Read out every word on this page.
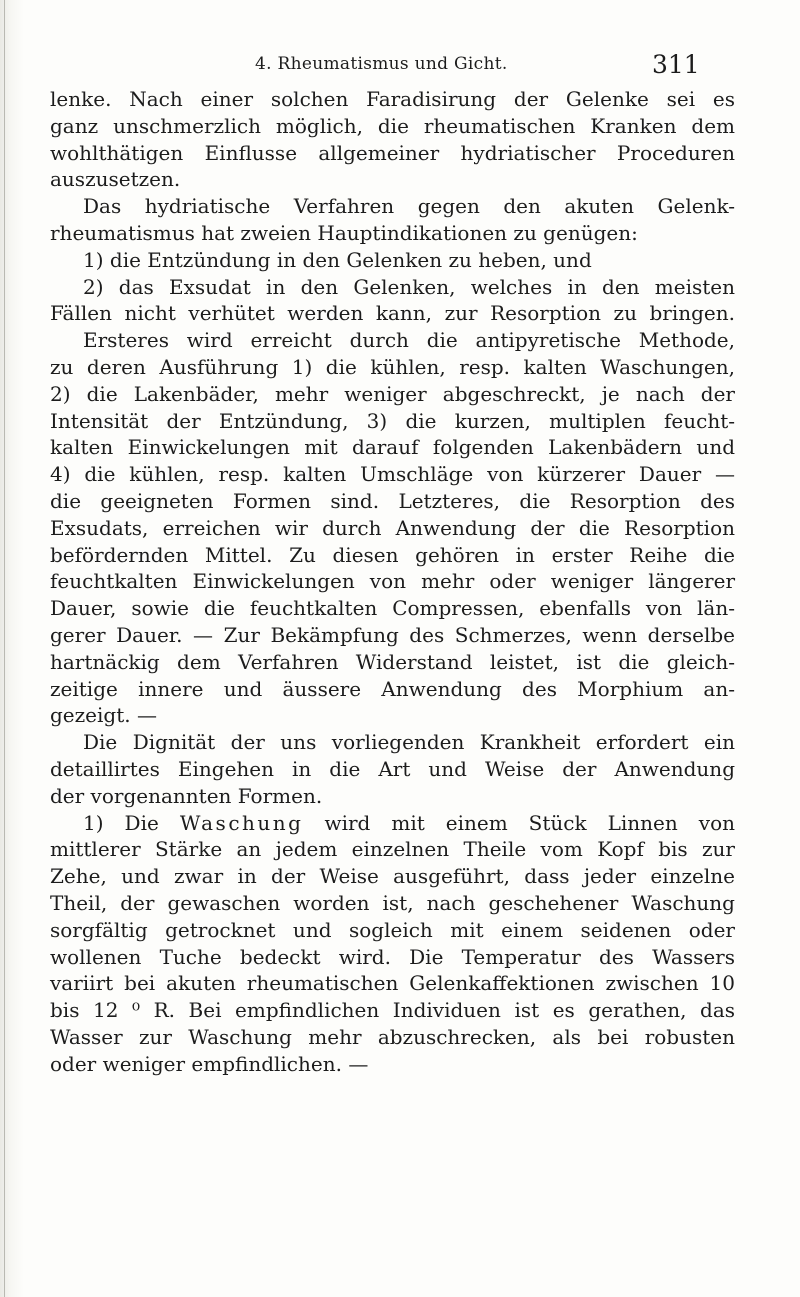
4. Rheumatismus und Gicht.	311
lenke. Nach einer solchen Faradisirung der Gelenke sei es
ganz unschmerzlich möglich, die rheumatischen Kranken dem
wohlthätigen Einflusse allgemeiner hydriatischer Proceduren
auszusetzen.
Das hydriatische Verfahren gegen den akuten Gelenk-
rheumatismus hat zweien Hauptindikationen zu genügen:
1) die Entzündung in den Gelenken zu heben, und
2) das Exsudat in den Gelenken, welches in den meisten
Fällen nicht verhütet werden kann, zur Resorption zu bringen.
Ersteres wird erreicht durch die antipyretische Methode,
zu deren Ausführung 1) die kühlen, resp. kalten Waschungen,
2) die Lakenbäder, mehr weniger abgeschreckt, je nach der
Intensität der Entzündung, 3) die kurzen, multiplen feucht-
kalten Einwickelungen mit darauf folgenden Lakenbädern und
4) die kühlen, resp. kalten Umschläge von kürzerer Dauer —
die geeigneten Formen sind. Letzteres, die Resorption des
Exsudats, erreichen wir durch Anwendung der die Resorption
befördernden Mittel. Zu diesen gehören in erster Reihe die
feuchtkalten Einwickelungen von mehr oder weniger längerer
Dauer, sowie die feuchtkalten Compressen, ebenfalls von län-
gerer Dauer. — Zur Bekämpfung des Schmerzes, wenn derselbe
hartnäckig dem Verfahren Widerstand leistet, ist die gleich-
zeitige innere und äussere Anwendung des Morphium an-
gezeigt. —
Die Dignität der uns vorliegenden Krankheit erfordert ein
detaillirtes Eingehen in die Art und Weise der Anwendung
der vorgenannten Formen.
1) Die Waschung wird mit einem Stück Linnen von
mittlerer Stärke an jedem einzelnen Theile vom Kopf bis zur
Zehe, und zwar in der Weise ausgeführt, dass jeder einzelne
Theil, der gewaschen worden ist, nach geschehener Waschung
sorgfältig getrocknet und sogleich mit einem seidenen oder
wollenen Tuche bedeckt wird. Die Temperatur des Wassers
variirt bei akuten rheumatischen Gelenkaffektionen zwischen 10
bis 12 ⁰ R. Bei empfindlichen Individuen ist es gerathen, das
Wasser zur Waschung mehr abzuschrecken, als bei robusten
oder weniger empfindlichen. —
